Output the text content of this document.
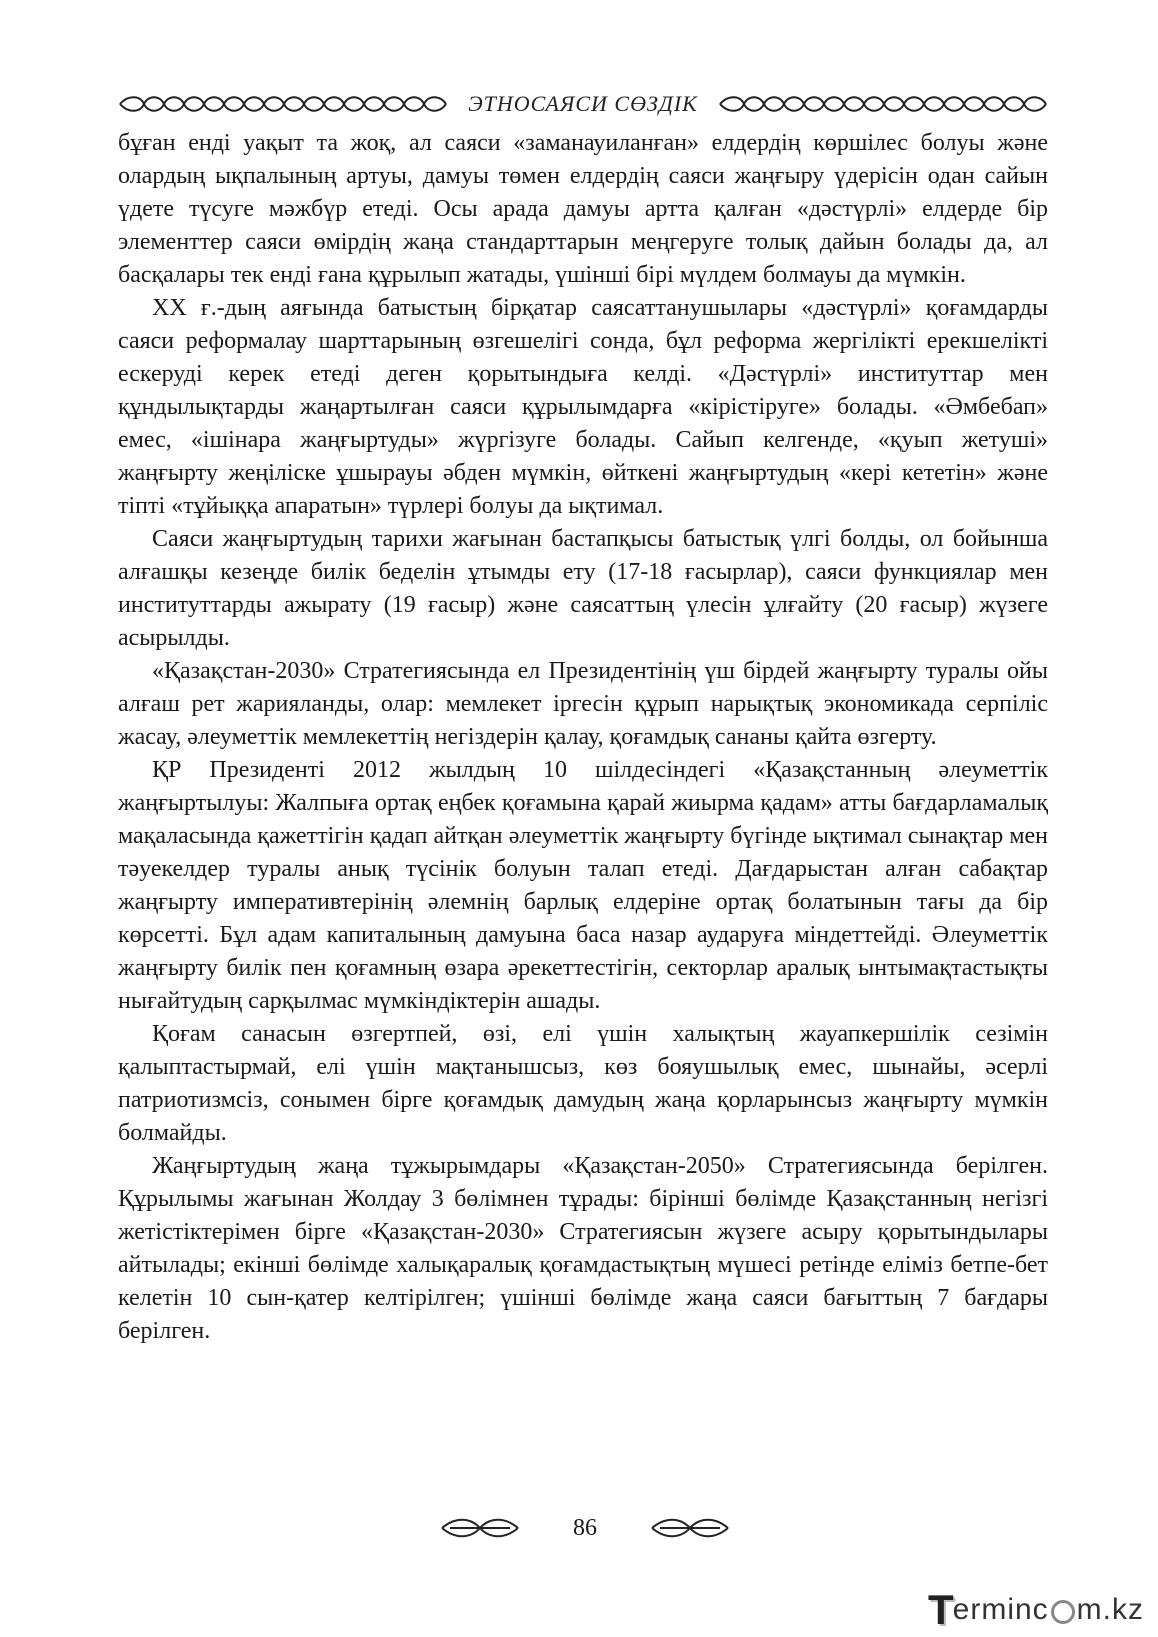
ЭТНОСАЯСИ СӨЗДІК

бұған енді уақыт та жоқ, ал саяси «заманауиланған» елдердің көршілес болуы және олардың ықпалының артуы, дамуы төмен елдердің саяси жаңғыру үдерісін одан сайын үдете түсуге мәжбүр етеді. Осы арада дамуы артта қалған «дәстүрлі» елдерде бір элементтер саяси өмірдің жаңа стандарттарын меңгеруге толық дайын болады да, ал басқалары тек енді ғана құрылып жатады, үшінші бірі мүлдем болмауы да мүмкін.

XX ғ.-дың аяғында батыстың бірқатар саясаттанушылары «дәстүрлі» қоғамдарды саяси реформалау шарттарының өзгешелігі сонда, бұл реформа жергілікті ерекшелікті ескеруді керек етеді деген қорытындыға келді. «Дәстүрлі» институттар мен құндылықтарды жаңартылған саяси құрылымдарға «кірістіруге» болады. «Әмбебап» емес, «ішінара жаңғыртуды» жүргізуге болады. Сайып келгенде, «қуып жетуші» жаңғырту жеңіліске ұшырауы әбден мүмкін, өйткені жаңғыртудың «кері кететін» және тіпті «тұйыққа апаратын» түрлері болуы да ықтимал.

Саяси жаңғыртудың тарихи жағынан бастапқысы батыстық үлгі болды, ол бойынша алғашқы кезеңде билік беделін ұтымды ету (17-18 ғасырлар), саяси функциялар мен институттарды ажырату (19 ғасыр) және саясаттың үлесін ұлғайту (20 ғасыр) жүзеге асырылды.

«Қазақстан-2030» Стратегиясында ел Президентінің үш бірдей жаңғырту туралы ойы алғаш рет жарияланды, олар: мемлекет іргесін құрып нарықтық экономикада серпіліс жасау, әлеуметтік мемлекеттің негіздерін қалау, қоғамдық сананы қайта өзгерту.

ҚР Президенті 2012 жылдың 10 шілдесіндегі «Қазақстанның әлеуметтік жаңғыртылуы: Жалпыға ортақ еңбек қоғамына қарай жиырма қадам» атты бағдарламалық мақаласында қажеттігін қадап айтқан әлеуметтік жаңғырту бүгінде ықтимал сынақтар мен тәуекелдер туралы анық түсінік болуын талап етеді. Дағдарыстан алған сабақтар жаңғырту императивтерінің әлемнің барлық елдеріне ортақ болатынын тағы да бір көрсетті. Бұл адам капиталының дамуына баса назар аударуға міндеттейді. Әлеуметтік жаңғырту билік пен қоғамның өзара әрекеттестігін, секторлар аралық ынтымақтастықты нығайтудың сарқылмас мүмкіндіктерін ашады.

Қоғам санасын өзгертпей, өзі, елі үшін халықтың жауапкершілік сезімін қалыптастырмай, елі үшін мақтанышсыз, көз бояушылық емес, шынайы, әсерлі патриотизмсіз, сонымен бірге қоғамдық дамудың жаңа қорларынсыз жаңғырту мүмкін болмайды.

Жаңғыртудың жаңа тұжырымдары «Қазақстан-2050» Стратегиясында берілген. Құрылымы жағынан Жолдау 3 бөлімнен тұрады: бірінші бөлімде Қазақстанның негізгі жетістіктерімен бірге «Қазақстан-2030» Стратегиясын жүзеге асыру қорытындылары айтылады; екінші бөлімде халықаралық қоғамдастықтың мүшесі ретінде еліміз бетпе-бет келетін 10 сын-қатер келтірілген; үшінші бөлімде жаңа саяси бағыттың 7 бағдары берілген.

86
T
erminc m.kz
